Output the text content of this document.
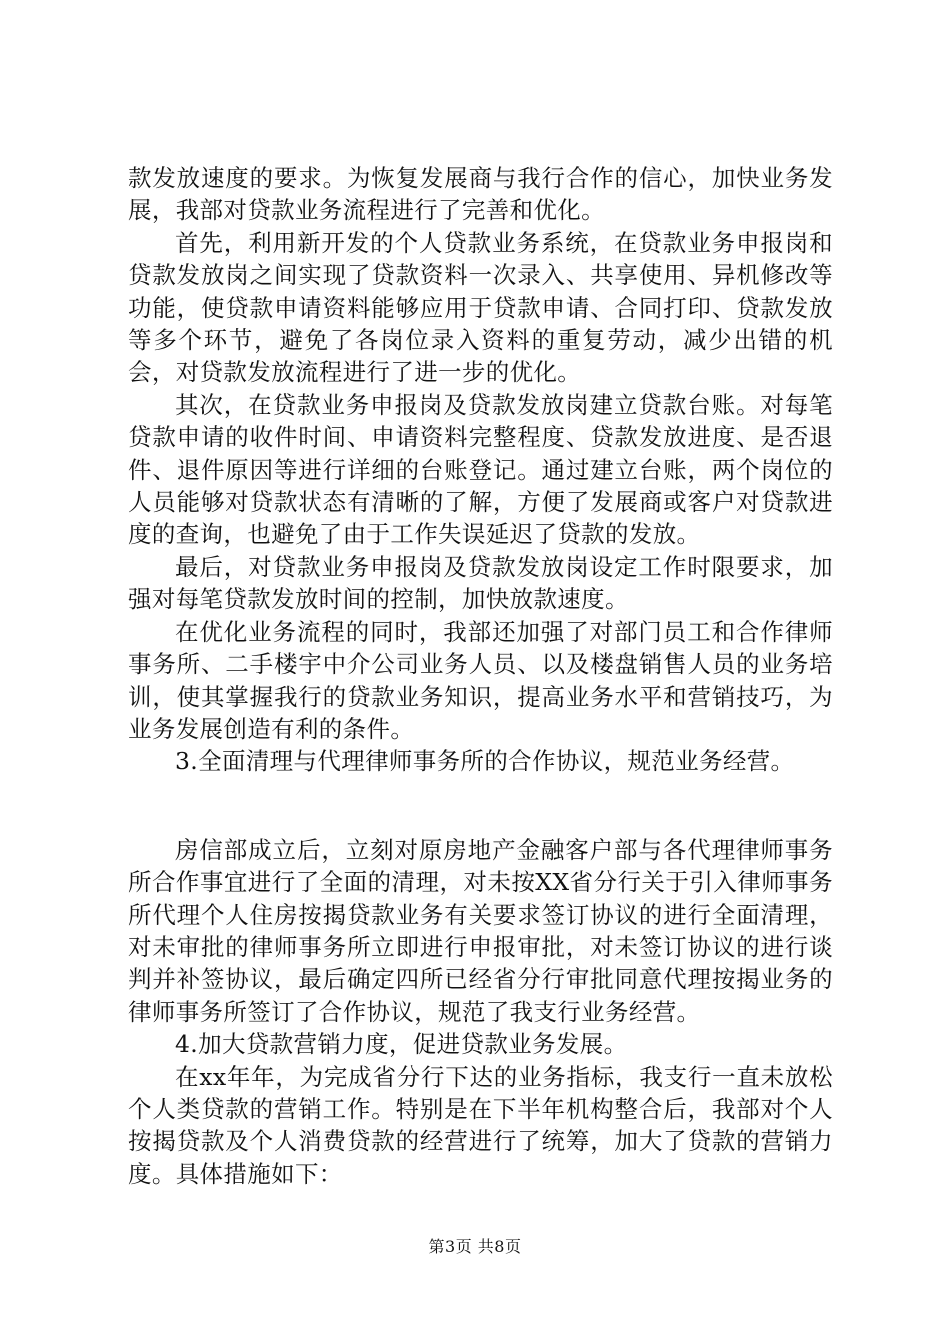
款发放速度的要求。为恢复发展商与我行合作的信心，加快业务发展，我部对贷款业务流程进行了完善和优化。

首先，利用新开发的个人贷款业务系统，在贷款业务申报岗和贷款发放岗之间实现了贷款资料一次录入、共享使用、异机修改等功能，使贷款申请资料能够应用于贷款申请、合同打印、贷款发放等多个环节，避免了各岗位录入资料的重复劳动，减少出错的机会，对贷款发放流程进行了进一步的优化。

其次，在贷款业务申报岗及贷款发放岗建立贷款台账。对每笔贷款申请的收件时间、申请资料完整程度、贷款发放进度、是否退件、退件原因等进行详细的台账登记。通过建立台账，两个岗位的人员能够对贷款状态有清晰的了解，方便了发展商或客户对贷款进度的查询，也避免了由于工作失误延迟了贷款的发放。

最后，对贷款业务申报岗及贷款发放岗设定工作时限要求，加强对每笔贷款发放时间的控制，加快放款速度。

在优化业务流程的同时，我部还加强了对部门员工和合作律师事务所、二手楼宇中介公司业务人员、以及楼盘销售人员的业务培训，使其掌握我行的贷款业务知识，提高业务水平和营销技巧，为业务发展创造有利的条件。

3.全面清理与代理律师事务所的合作协议，规范业务经营。

房信部成立后，立刻对原房地产金融客户部与各代理律师事务所合作事宜进行了全面的清理，对未按XX省分行关于引入律师事务所代理个人住房按揭贷款业务有关要求签订协议的进行全面清理，对未审批的律师事务所立即进行申报审批，对未签订协议的进行谈判并补签协议，最后确定四所已经省分行审批同意代理按揭业务的律师事务所签订了合作协议，规范了我支行业务经营。

4.加大贷款营销力度，促进贷款业务发展。

在xx年年，为完成省分行下达的业务指标，我支行一直未放松个人类贷款的营销工作。特别是在下半年机构整合后，我部对个人按揭贷款及个人消费贷款的经营进行了统筹，加大了贷款的营销力度。具体措施如下：

第3页 共8页
